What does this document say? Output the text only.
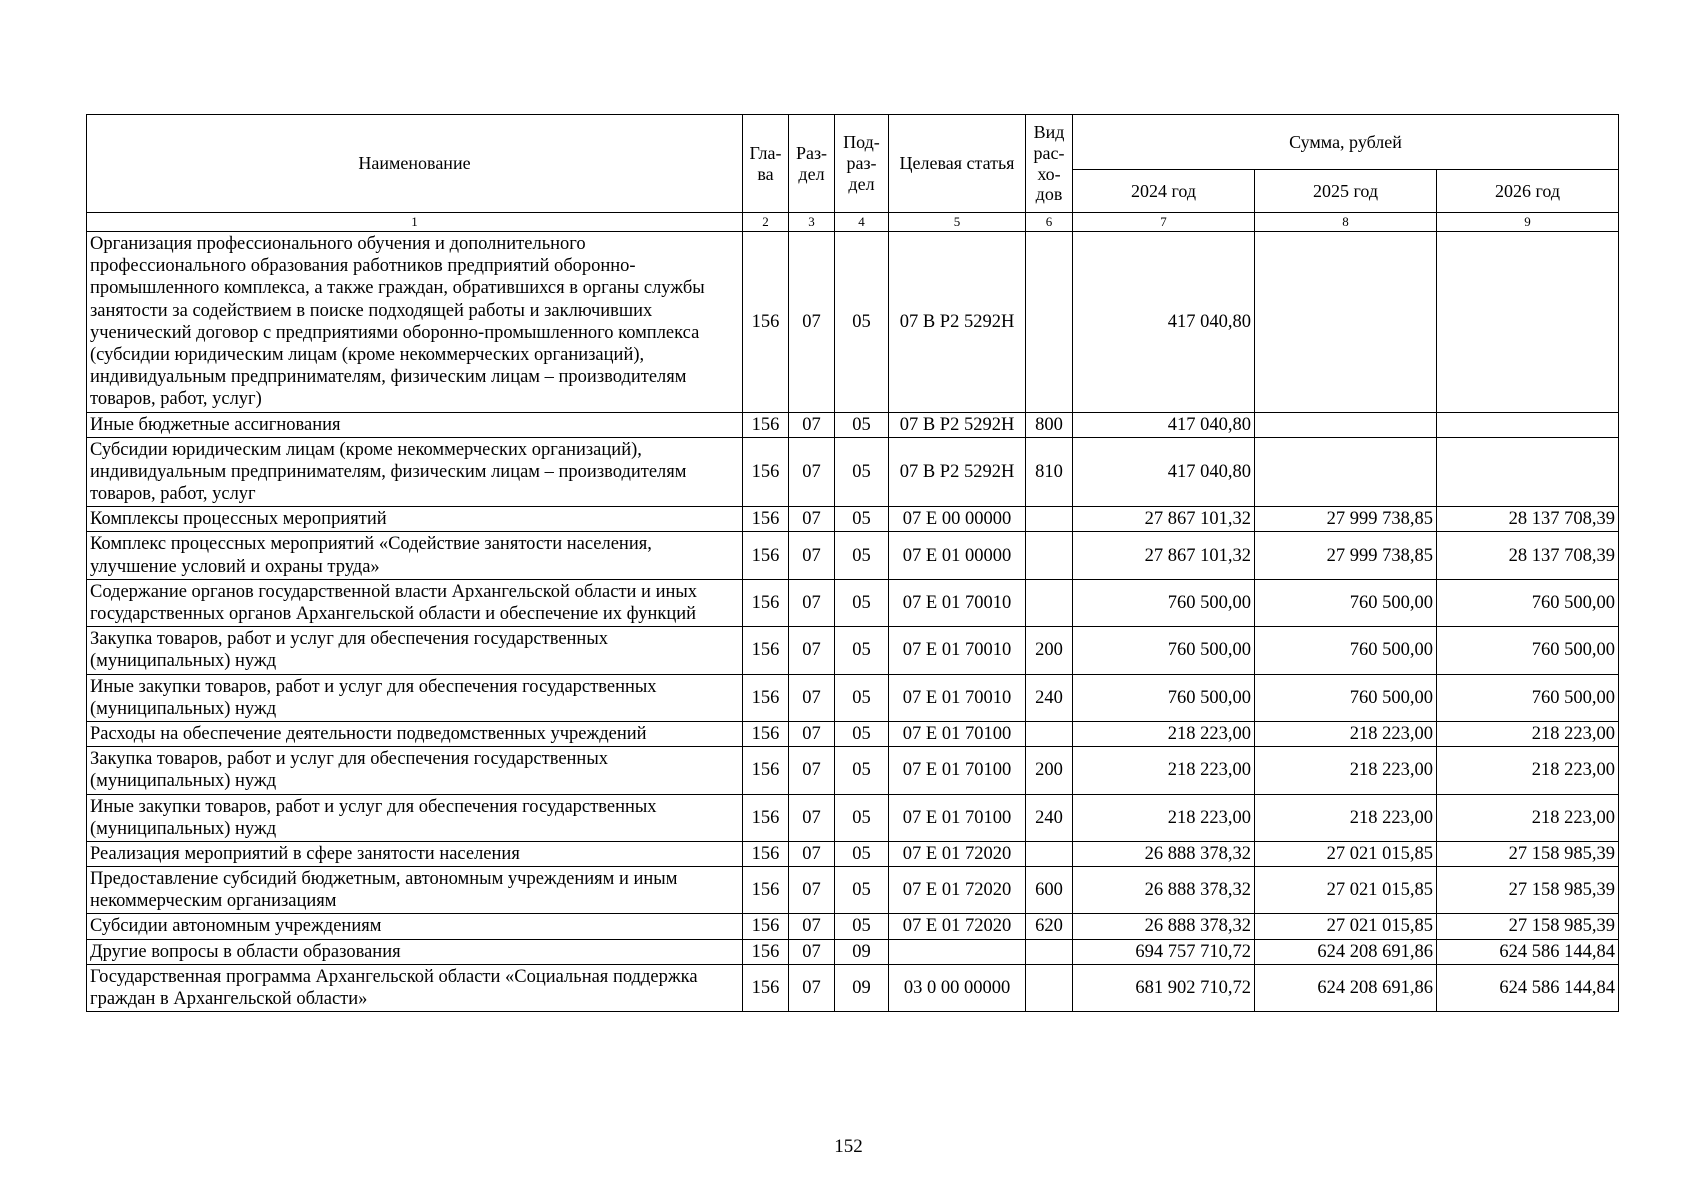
Наименование	Гла-ва	Раз-дел	Под-раз-дел	Целевая статья	Вид рас-хо-дов	Сумма, рублей		
						2024 год	2025 год	2026 год
1	2	3	4	5	6	7	8	9
Организация профессионального обучения и дополнительного профессионального образования работников предприятий оборонно-промышленного комплекса, а также граждан, обратившихся в органы службы занятости за содействием в поиске подходящей работы и заключивших ученический договор с предприятиями оборонно-промышленного комплекса (субсидии юридическим лицам (кроме некоммерческих организаций), индивидуальным предпринимателям, физическим лицам – производителям товаров, работ, услуг)	156	07	05	07 В Р2 5292Н		417 040,80		
Иные бюджетные ассигнования	156	07	05	07 В Р2 5292Н	800	417 040,80		
Субсидии юридическим лицам (кроме некоммерческих организаций), индивидуальным предпринимателям, физическим лицам – производителям товаров, работ, услуг	156	07	05	07 В Р2 5292Н	810	417 040,80		
Комплексы процессных мероприятий	156	07	05	07 Е 00 00000		27 867 101,32	27 999 738,85	28 137 708,39
Комплекс процессных мероприятий «Содействие занятости населения, улучшение условий и охраны труда»	156	07	05	07 Е 01 00000		27 867 101,32	27 999 738,85	28 137 708,39
Содержание органов государственной власти Архангельской области и иных государственных органов Архангельской области и обеспечение их функций	156	07	05	07 Е 01 70010		760 500,00	760 500,00	760 500,00
Закупка товаров, работ и услуг для обеспечения государственных (муниципальных) нужд	156	07	05	07 Е 01 70010	200	760 500,00	760 500,00	760 500,00
Иные закупки товаров, работ и услуг для обеспечения государственных (муниципальных) нужд	156	07	05	07 Е 01 70010	240	760 500,00	760 500,00	760 500,00
Расходы на обеспечение деятельности подведомственных учреждений	156	07	05	07 Е 01 70100		218 223,00	218 223,00	218 223,00
Закупка товаров, работ и услуг для обеспечения государственных (муниципальных) нужд	156	07	05	07 Е 01 70100	200	218 223,00	218 223,00	218 223,00
Иные закупки товаров, работ и услуг для обеспечения государственных (муниципальных) нужд	156	07	05	07 Е 01 70100	240	218 223,00	218 223,00	218 223,00
Реализация мероприятий в сфере занятости населения	156	07	05	07 Е 01 72020		26 888 378,32	27 021 015,85	27 158 985,39
Предоставление субсидий бюджетным, автономным учреждениям и иным некоммерческим организациям	156	07	05	07 Е 01 72020	600	26 888 378,32	27 021 015,85	27 158 985,39
Субсидии автономным учреждениям	156	07	05	07 Е 01 72020	620	26 888 378,32	27 021 015,85	27 158 985,39
Другие вопросы в области образования	156	07	09			694 757 710,72	624 208 691,86	624 586 144,84
Государственная программа Архангельской области «Социальная поддержка граждан в Архангельской области»	156	07	09	03 0 00 00000		681 902 710,72	624 208 691,86	624 586 144,84
152
